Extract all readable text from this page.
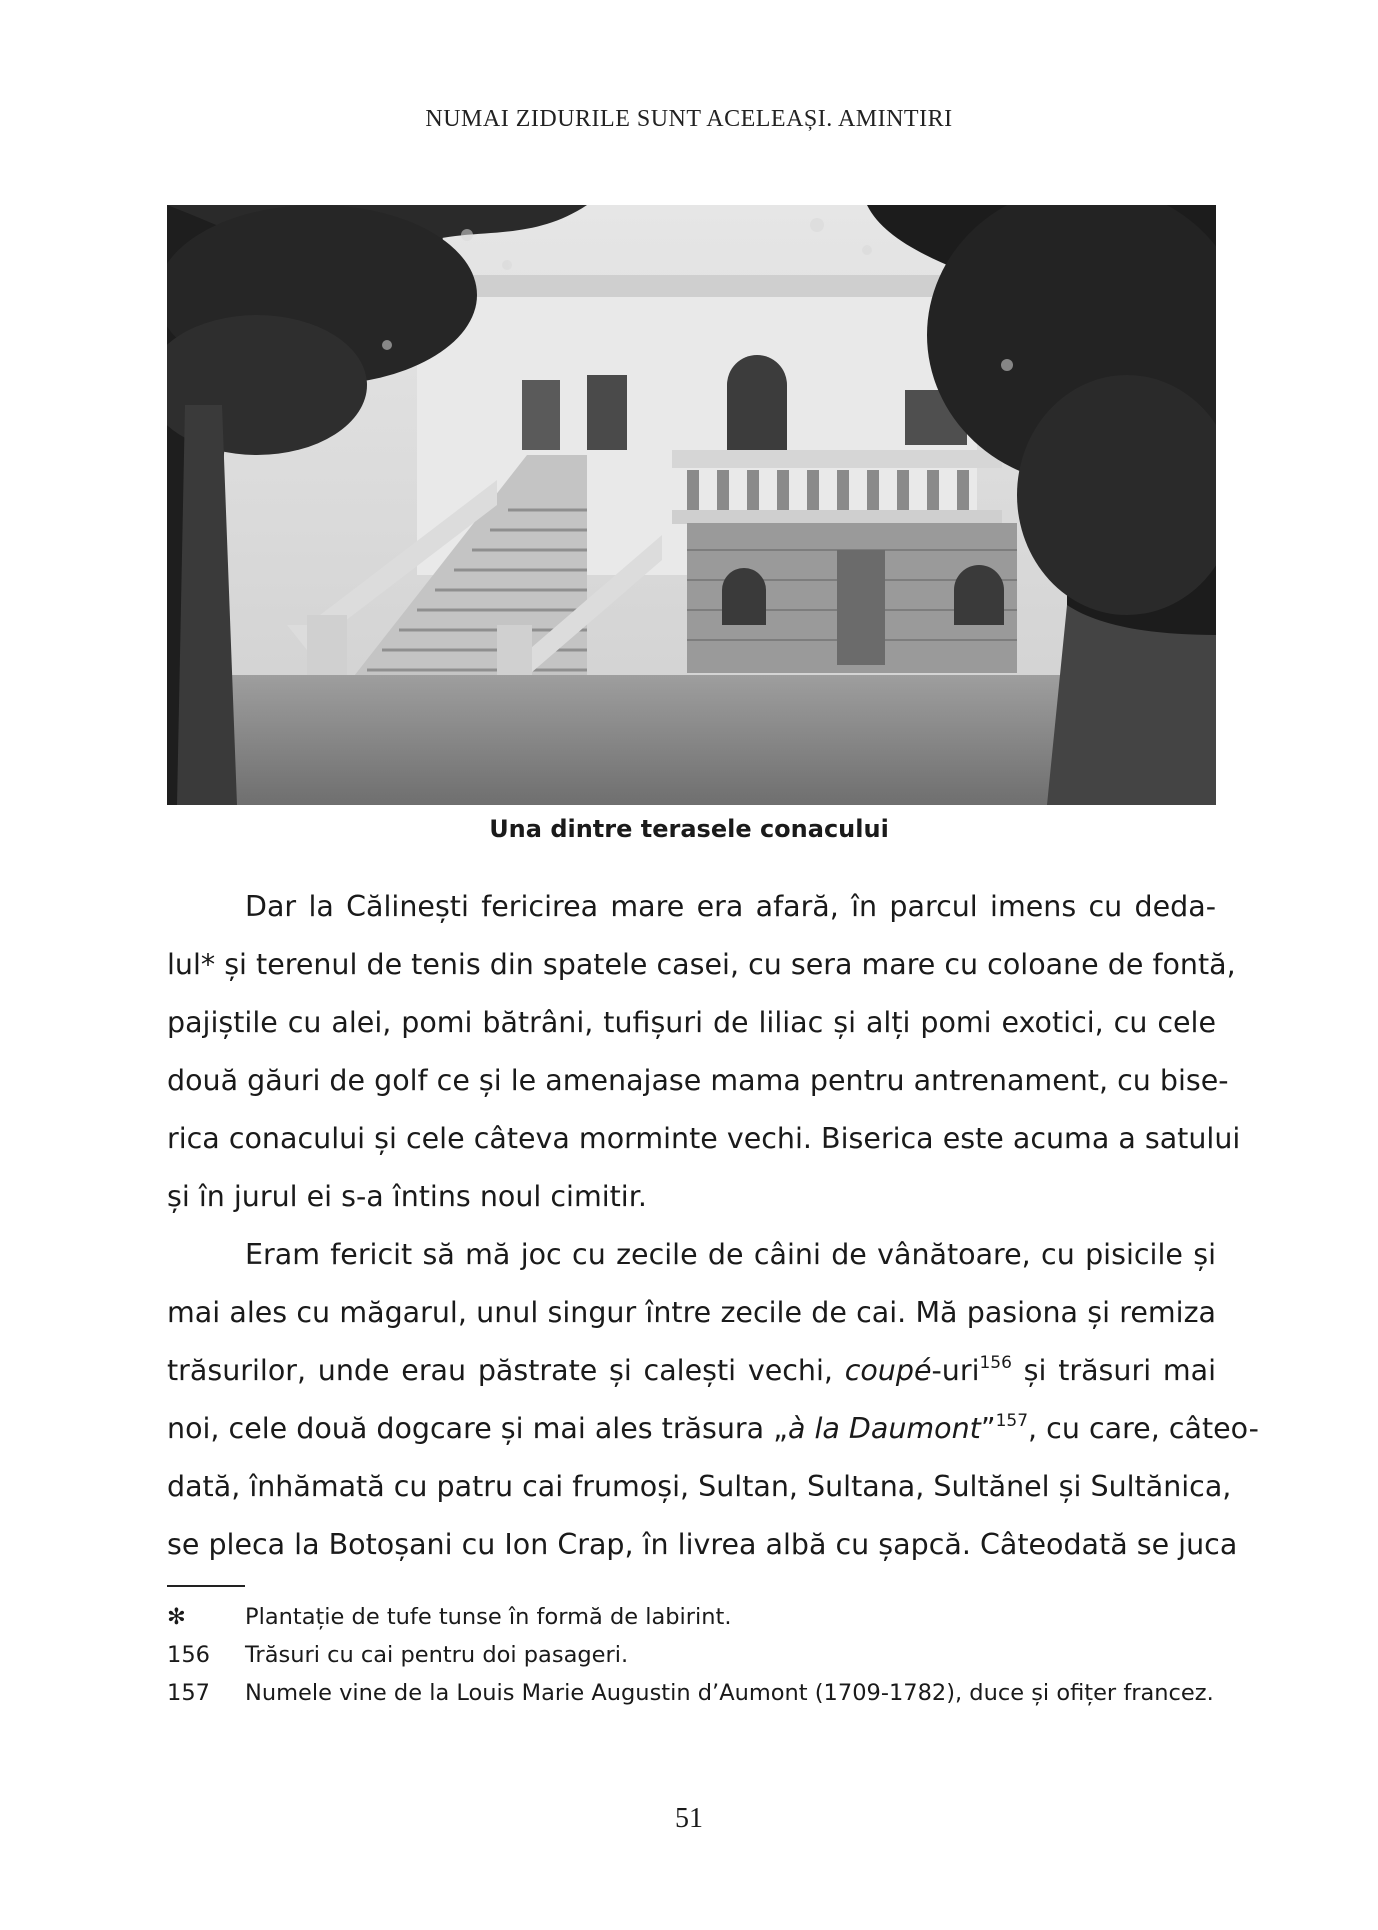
NUMAI ZIDURILE SUNT ACELEAȘI. AMINTIRI
Una dintre terasele conacului
Dar la Călinești fericirea mare era afară, în parcul imens cu deda-
lul* și terenul de tenis din spatele casei, cu sera mare cu coloane de fontă,
pajiștile cu alei, pomi bătrâni, tufișuri de liliac și alți pomi exotici, cu cele
două găuri de golf ce și le amenajase mama pentru antrenament, cu bise-
rica conacului și cele câteva morminte vechi. Biserica este acuma a satului
și în jurul ei s-a întins noul cimitir.
Eram fericit să mă joc cu zecile de câini de vânătoare, cu pisicile și
mai ales cu măgarul, unul singur între zecile de cai. Mă pasiona și remiza
trăsurilor, unde erau păstrate și calești vechi, coupé-uri$^{156}$ și trăsuri mai
noi, cele două dogcare și mai ales trăsura „à la Daumont”$^{157}$, cu care, câteo-
dată, înhămată cu patru cai frumoși, Sultan, Sultana, Sultănel și Sultănica,
se pleca la Botoșani cu Ion Crap, în livrea albă cu șapcă. Câteodată se juca
✻	Plantație de tufe tunse în formă de labirint.
156	Trăsuri cu cai pentru doi pasageri.
157	Numele vine de la Louis Marie Augustin d’Aumont (1709-1782), duce și ofițer francez.
51
